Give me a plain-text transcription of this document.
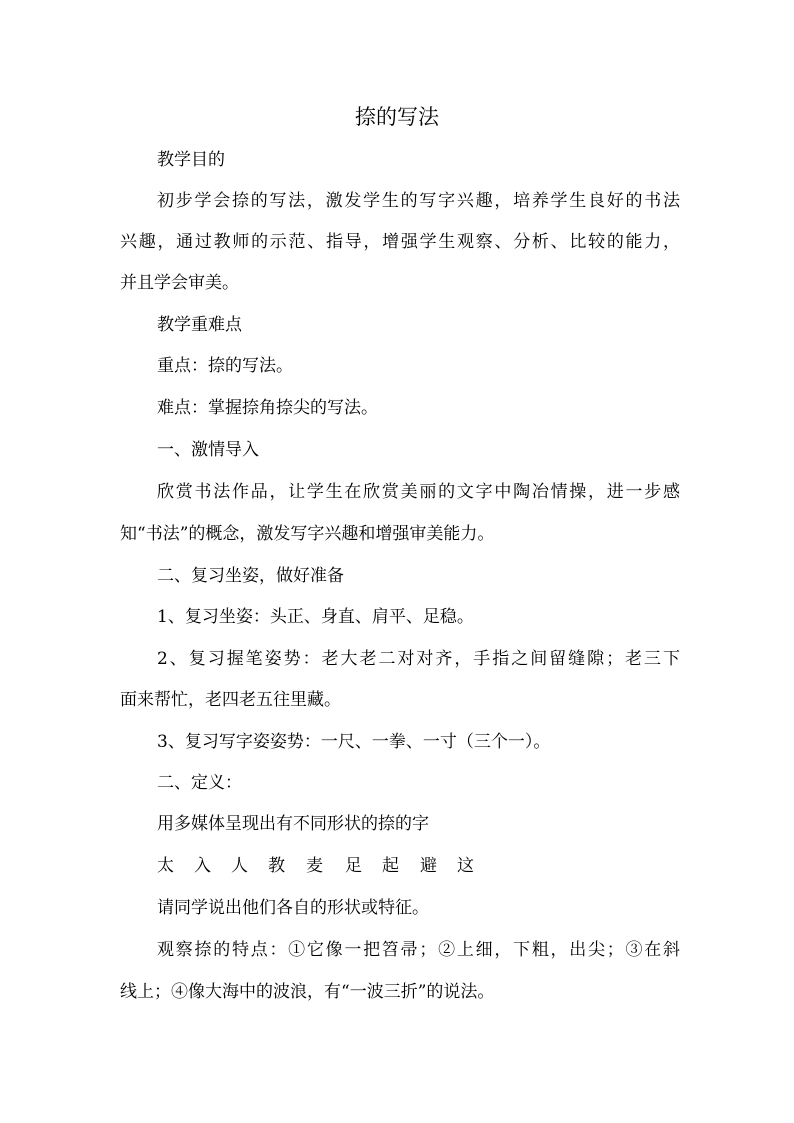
捺的写法
教学目的
初步学会捺的写法，激发学生的写字兴趣，培养学生良好的书法
兴趣，通过教师的示范、指导，增强学生观察、分析、比较的能力，
并且学会审美。
教学重难点
重点：捺的写法。
难点：掌握捺角捺尖的写法。
一、激情导入
欣赏书法作品，让学生在欣赏美丽的文字中陶冶情操，进一步感
知“书法”的概念，激发写字兴趣和增强审美能力。
二、复习坐姿，做好准备
1、复习坐姿：头正、身直、肩平、足稳。
2、复习握笔姿势：老大老二对对齐，手指之间留缝隙；老三下
面来帮忙，老四老五往里藏。
3、复习写字姿姿势：一尺、一拳、一寸（三个一）。
二、定义：
用多媒体呈现出有不同形状的捺的字
太 入 人 教 麦 足 起 避 这
请同学说出他们各自的形状或特征。
观察捺的特点：①它像一把笤帚；②上细，下粗，出尖；③在斜
线上；④像大海中的波浪，有“一波三折”的说法。
